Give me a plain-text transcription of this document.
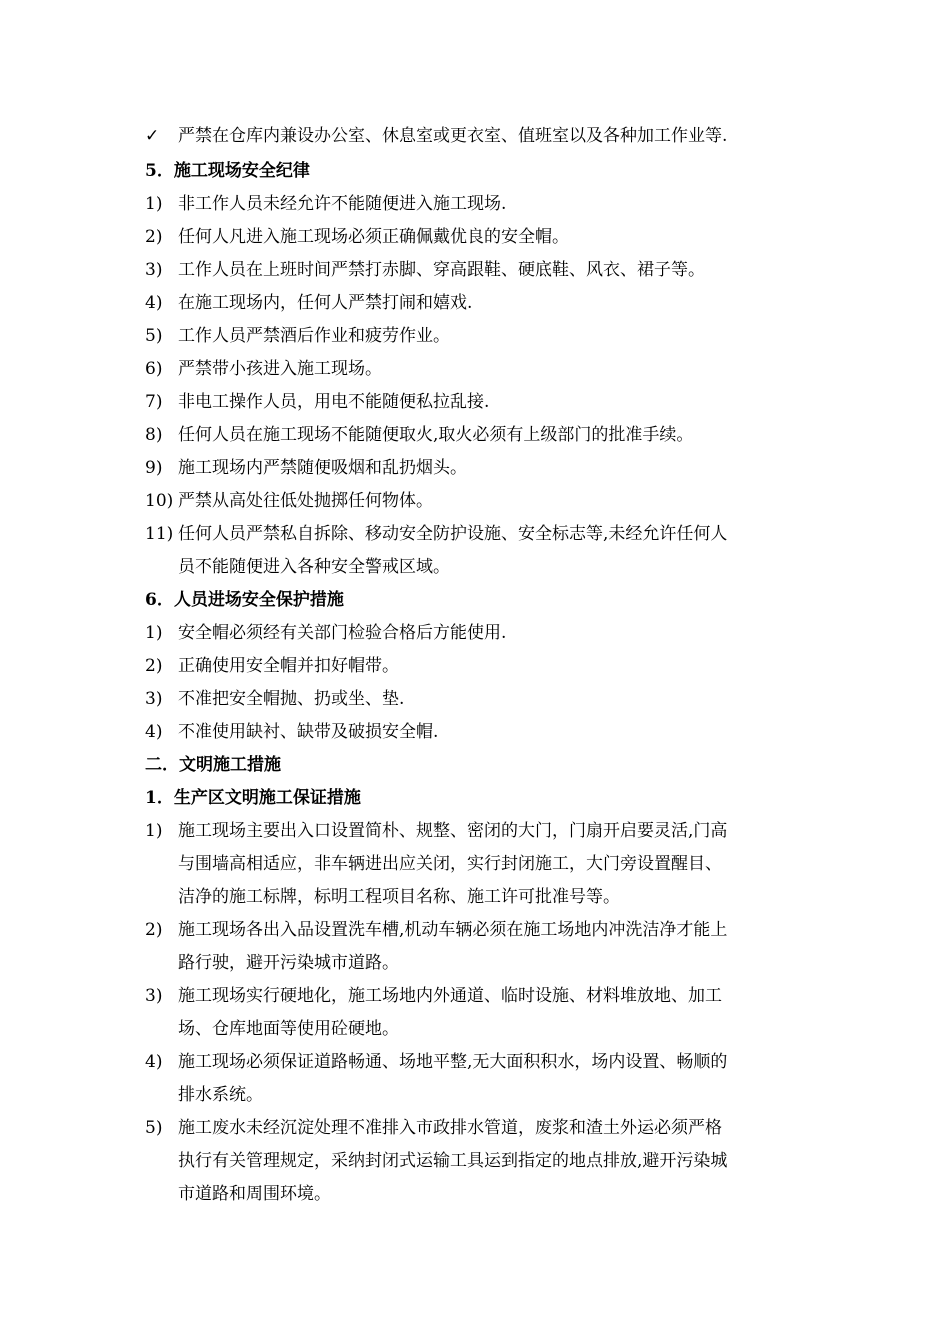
✓ 严禁在仓库内兼设办公室、休息室或更衣室、值班室以及各种加工作业等.
5．施工现场安全纪律
1) 非工作人员未经允许不能随便进入施工现场.
2) 任何人凡进入施工现场必须正确佩戴优良的安全帽。
3) 工作人员在上班时间严禁打赤脚、穿高跟鞋、硬底鞋、风衣、裙子等。
4) 在施工现场内，任何人严禁打闹和嬉戏.
5) 工作人员严禁酒后作业和疲劳作业。
6) 严禁带小孩进入施工现场。
7) 非电工操作人员，用电不能随便私拉乱接.
8) 任何人员在施工现场不能随便取火,取火必须有上级部门的批准手续。
9) 施工现场内严禁随便吸烟和乱扔烟头。
10) 严禁从高处往低处抛掷任何物体。
11) 任何人员严禁私自拆除、移动安全防护设施、安全标志等,未经允许任何人
员不能随便进入各种安全警戒区域。
6．人员进场安全保护措施
1) 安全帽必须经有关部门检验合格后方能使用.
2) 正确使用安全帽并扣好帽带。
3) 不准把安全帽抛、扔或坐、垫.
4) 不准使用缺衬、缺带及破损安全帽.
二．文明施工措施
1．生产区文明施工保证措施
1) 施工现场主要出入口设置简朴、规整、密闭的大门，门扇开启要灵活,门高
与围墙高相适应，非车辆进出应关闭，实行封闭施工，大门旁设置醒目、
洁净的施工标牌，标明工程项目名称、施工许可批准号等。
2) 施工现场各出入品设置洗车槽,机动车辆必须在施工场地内冲洗洁净才能上
路行驶，避开污染城市道路。
3) 施工现场实行硬地化，施工场地内外通道、临时设施、材料堆放地、加工
场、仓库地面等使用砼硬地。
4) 施工现场必须保证道路畅通、场地平整,无大面积积水，场内设置、畅顺的
排水系统。
5) 施工废水未经沉淀处理不准排入市政排水管道，废浆和渣土外运必须严格
执行有关管理规定，采纳封闭式运输工具运到指定的地点排放,避开污染城
市道路和周围环境。
